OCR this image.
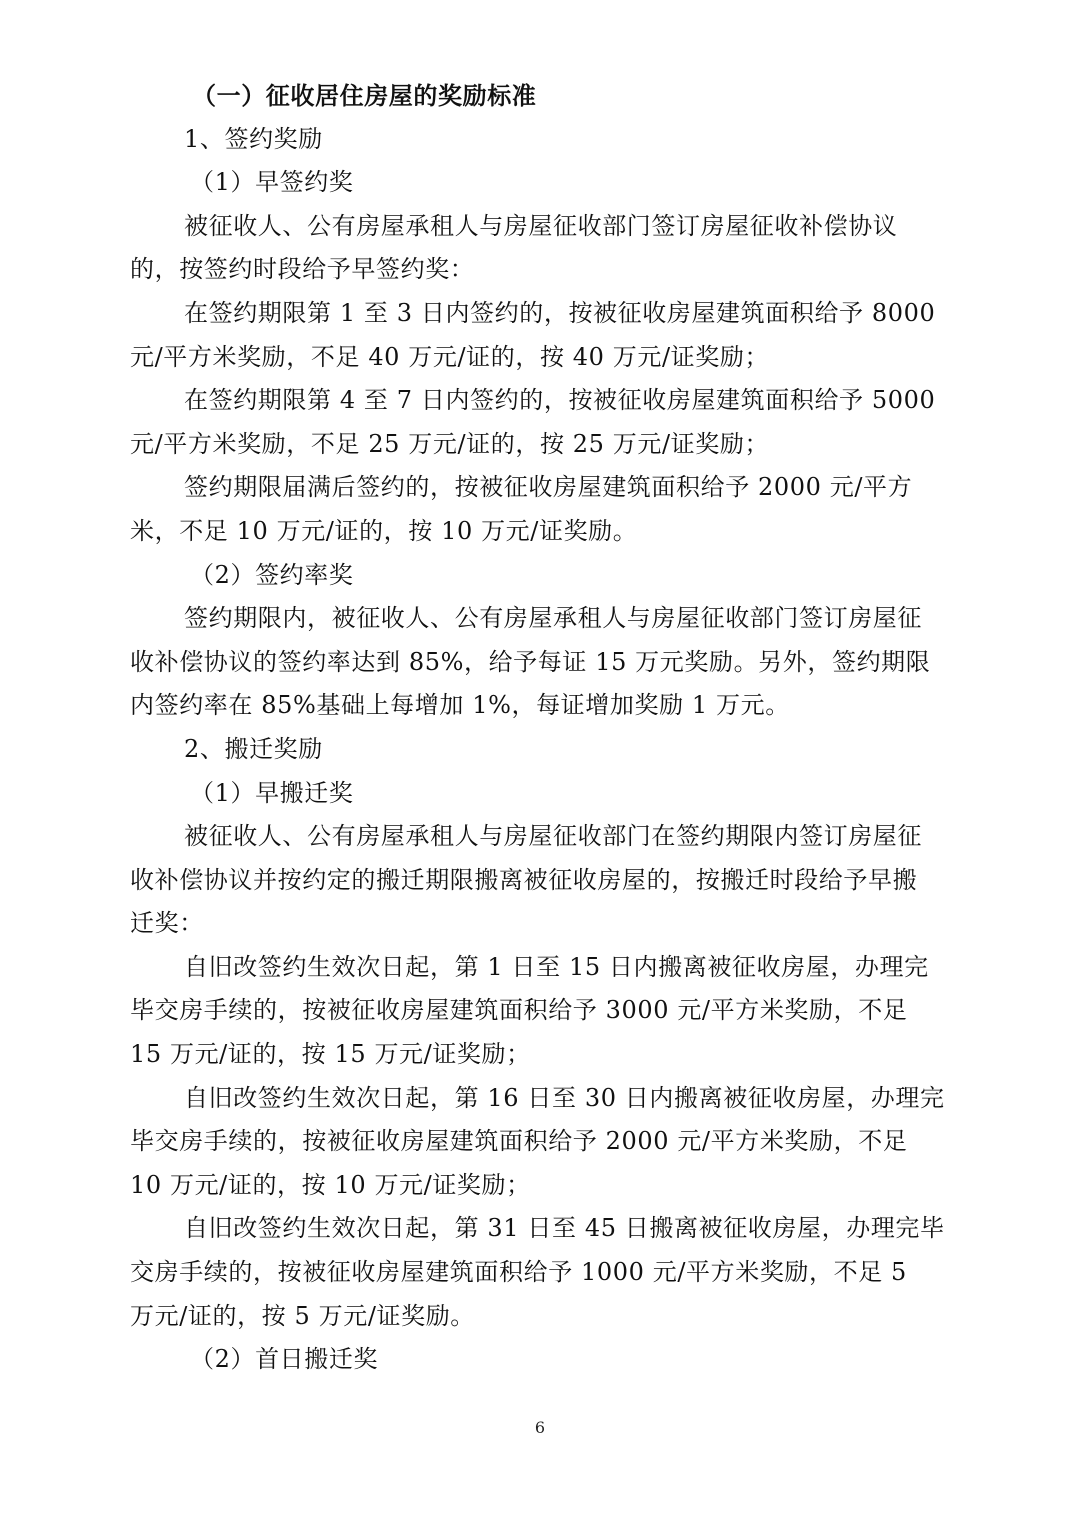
（一）征收居住房屋的奖励标准
1、签约奖励
（1）早签约奖
被征收人、公有房屋承租人与房屋征收部门签订房屋征收补偿协议
的，按签约时段给予早签约奖：
在签约期限第 1 至 3 日内签约的，按被征收房屋建筑面积给予 8000
元/平方米奖励，不足 40 万元/证的，按 40 万元/证奖励；
在签约期限第 4 至 7 日内签约的，按被征收房屋建筑面积给予 5000
元/平方米奖励，不足 25 万元/证的，按 25 万元/证奖励；
签约期限届满后签约的，按被征收房屋建筑面积给予 2000 元/平方
米，不足 10 万元/证的，按 10 万元/证奖励。
（2）签约率奖
签约期限内，被征收人、公有房屋承租人与房屋征收部门签订房屋征
收补偿协议的签约率达到 85%，给予每证 15 万元奖励。另外，签约期限
内签约率在 85%基础上每增加 1%，每证增加奖励 1 万元。
2、搬迁奖励
（1）早搬迁奖
被征收人、公有房屋承租人与房屋征收部门在签约期限内签订房屋征
收补偿协议并按约定的搬迁期限搬离被征收房屋的，按搬迁时段给予早搬
迁奖：
自旧改签约生效次日起，第 1 日至 15 日内搬离被征收房屋，办理完
毕交房手续的，按被征收房屋建筑面积给予 3000 元/平方米奖励，不足
15 万元/证的，按 15 万元/证奖励；
自旧改签约生效次日起，第 16 日至 30 日内搬离被征收房屋，办理完
毕交房手续的，按被征收房屋建筑面积给予 2000 元/平方米奖励，不足
10 万元/证的，按 10 万元/证奖励；
自旧改签约生效次日起，第 31 日至 45 日搬离被征收房屋，办理完毕
交房手续的，按被征收房屋建筑面积给予 1000 元/平方米奖励，不足 5
万元/证的，按 5 万元/证奖励。
（2）首日搬迁奖
6
